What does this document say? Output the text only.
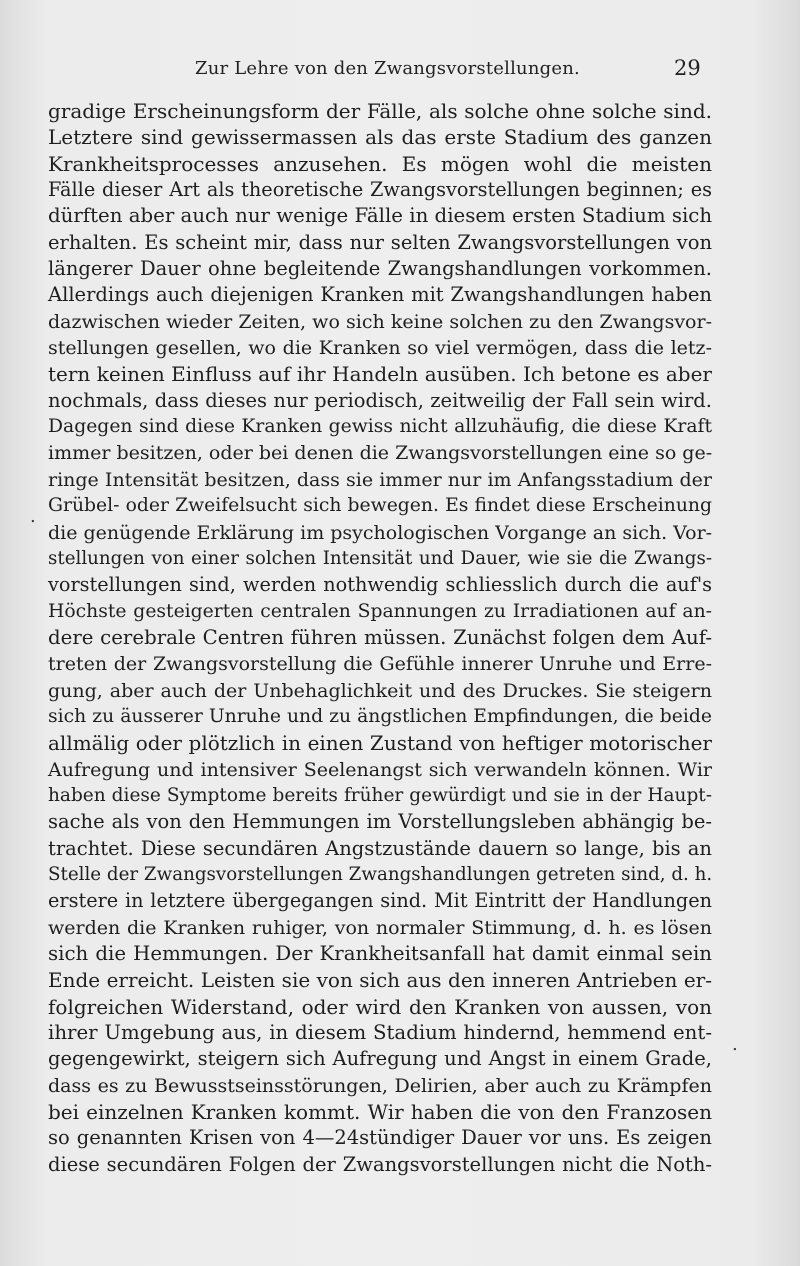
Zur Lehre von den Zwangsvorstellungen.	29
gradige Erscheinungsform der Fälle, als solche ohne solche sind.
Letztere sind gewissermassen als das erste Stadium des ganzen
Krankheitsprocesses anzusehen. Es mögen wohl die meisten
Fälle dieser Art als theoretische Zwangsvorstellungen beginnen; es
dürften aber auch nur wenige Fälle in diesem ersten Stadium sich
erhalten. Es scheint mir, dass nur selten Zwangsvorstellungen von
längerer Dauer ohne begleitende Zwangshandlungen vorkommen.
Allerdings auch diejenigen Kranken mit Zwangshandlungen haben
dazwischen wieder Zeiten, wo sich keine solchen zu den Zwangsvor-
stellungen gesellen, wo die Kranken so viel vermögen, dass die letz-
tern keinen Einfluss auf ihr Handeln ausüben. Ich betone es aber
nochmals, dass dieses nur periodisch, zeitweilig der Fall sein wird.
Dagegen sind diese Kranken gewiss nicht allzuhäufig, die diese Kraft
immer besitzen, oder bei denen die Zwangsvorstellungen eine so ge-
ringe Intensität besitzen, dass sie immer nur im Anfangsstadium der
Grübel- oder Zweifelsucht sich bewegen. Es findet diese Erscheinung
die genügende Erklärung im psychologischen Vorgange an sich. Vor-
stellungen von einer solchen Intensität und Dauer, wie sie die Zwangs-
vorstellungen sind, werden nothwendig schliesslich durch die auf's
Höchste gesteigerten centralen Spannungen zu Irradiationen auf an-
dere cerebrale Centren führen müssen. Zunächst folgen dem Auf-
treten der Zwangsvorstellung die Gefühle innerer Unruhe und Erre-
gung, aber auch der Unbehaglichkeit und des Druckes. Sie steigern
sich zu äusserer Unruhe und zu ängstlichen Empfindungen, die beide
allmälig oder plötzlich in einen Zustand von heftiger motorischer
Aufregung und intensiver Seelenangst sich verwandeln können. Wir
haben diese Symptome bereits früher gewürdigt und sie in der Haupt-
sache als von den Hemmungen im Vorstellungsleben abhängig be-
trachtet. Diese secundären Angstzustände dauern so lange, bis an
Stelle der Zwangsvorstellungen Zwangshandlungen getreten sind, d. h.
erstere in letztere übergegangen sind. Mit Eintritt der Handlungen
werden die Kranken ruhiger, von normaler Stimmung, d. h. es lösen
sich die Hemmungen. Der Krankheitsanfall hat damit einmal sein
Ende erreicht. Leisten sie von sich aus den inneren Antrieben er-
folgreichen Widerstand, oder wird den Kranken von aussen, von
ihrer Umgebung aus, in diesem Stadium hindernd, hemmend ent-
gegengewirkt, steigern sich Aufregung und Angst in einem Grade,
dass es zu Bewusstseinsstörungen, Delirien, aber auch zu Krämpfen
bei einzelnen Kranken kommt. Wir haben die von den Franzosen
so genannten Krisen von 4—24stündiger Dauer vor uns. Es zeigen
diese secundären Folgen der Zwangsvorstellungen nicht die Noth-
.
.
